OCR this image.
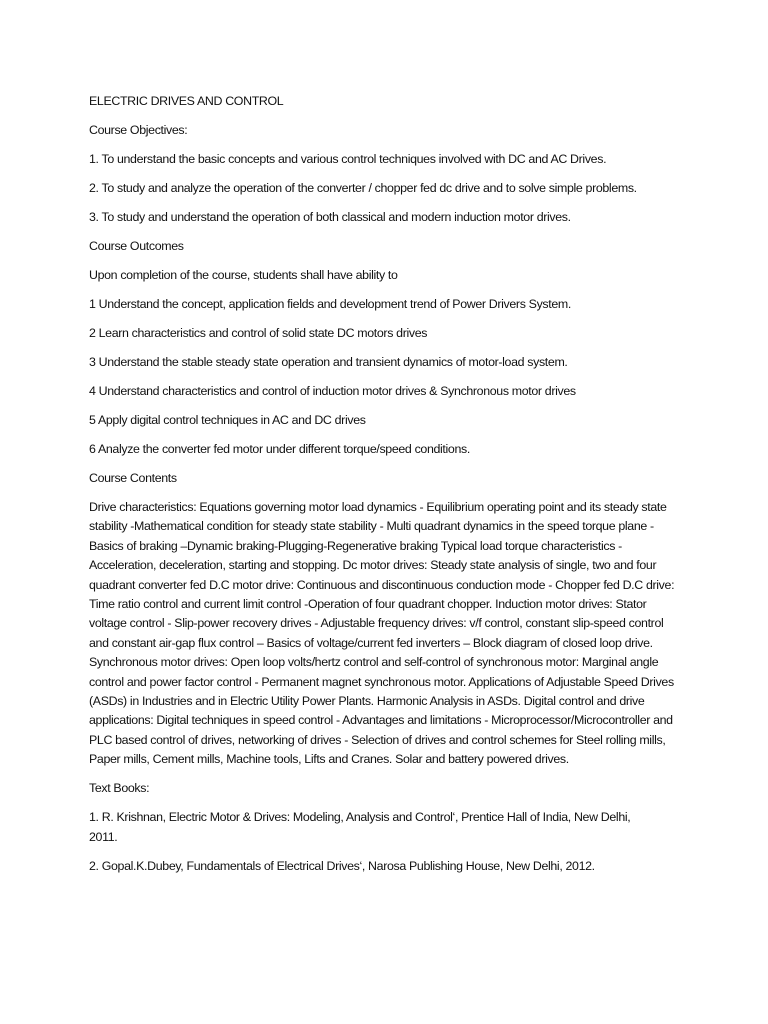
ELECTRIC DRIVES AND CONTROL

Course Objectives:

1. To understand the basic concepts and various control techniques involved with DC and AC Drives.

2. To study and analyze the operation of the converter / chopper fed dc drive and to solve simple problems.

3. To study and understand the operation of both classical and modern induction motor drives.

Course Outcomes

Upon completion of the course, students shall have ability to

1 Understand the concept, application fields and development trend of Power Drivers System.

2 Learn characteristics and control of solid state DC motors drives

3 Understand the stable steady state operation and transient dynamics of motor-load system.

4 Understand characteristics and control of induction motor drives & Synchronous motor drives

5 Apply digital control techniques in AC and DC drives

6 Analyze the converter fed motor under different torque/speed conditions.

Course Contents

Drive characteristics: Equations governing motor load dynamics - Equilibrium operating point and its steady state stability -Mathematical condition for steady state stability - Multi quadrant dynamics in the speed torque plane -Basics of braking –Dynamic braking-Plugging-Regenerative braking Typical load torque characteristics -Acceleration, deceleration, starting and stopping. Dc motor drives: Steady state analysis of single, two and four quadrant converter fed D.C motor drive: Continuous and discontinuous conduction mode - Chopper fed D.C drive: Time ratio control and current limit control -Operation of four quadrant chopper. Induction motor drives: Stator voltage control - Slip-power recovery drives - Adjustable frequency drives: v/f control, constant slip-speed control and constant air-gap flux control – Basics of voltage/current fed inverters – Block diagram of closed loop drive. Synchronous motor drives: Open loop volts/hertz control and self-control of synchronous motor: Marginal angle control and power factor control - Permanent magnet synchronous motor. Applications of Adjustable Speed Drives (ASDs) in Industries and in Electric Utility Power Plants. Harmonic Analysis in ASDs. Digital control and drive applications: Digital techniques in speed control - Advantages and limitations - Microprocessor/Microcontroller and PLC based control of drives, networking of drives - Selection of drives and control schemes for Steel rolling mills, Paper mills, Cement mills, Machine tools, Lifts and Cranes. Solar and battery powered drives.

Text Books:

1. R. Krishnan, Electric Motor & Drives: Modeling, Analysis and Control‘, Prentice Hall of India, New Delhi, 2011.

2. Gopal.K.Dubey, Fundamentals of Electrical Drives‘, Narosa Publishing House, New Delhi, 2012.
